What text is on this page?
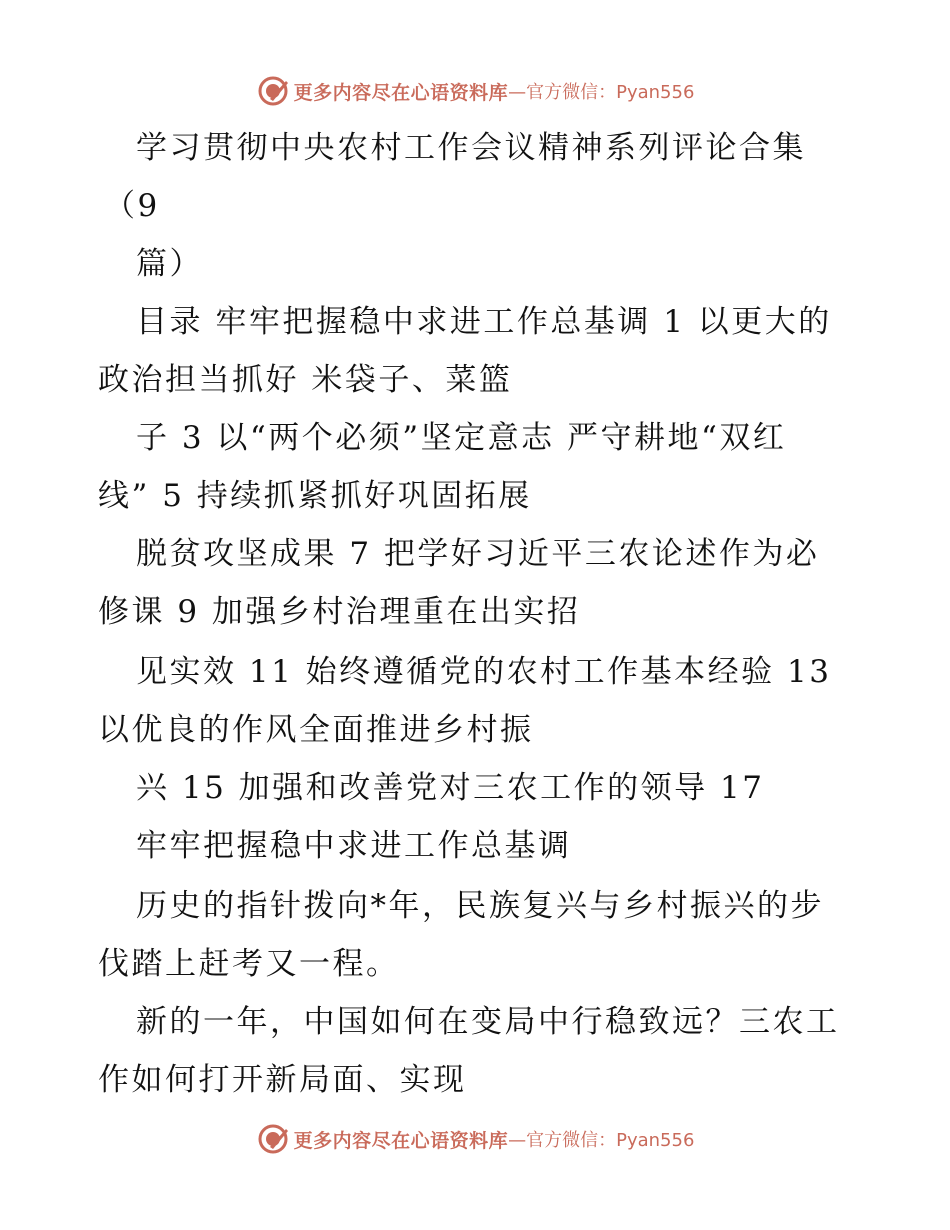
更多内容尽在心语资料库 —官方微信：Pyan556
学习贯彻中央农村工作会议精神系列评论合集
（9
篇）
目录 牢牢把握稳中求进工作总基调 1 以更大的
政治担当抓好 米袋子、菜篮
子 3 以“两个必须”坚定意志 严守耕地“双红
线” 5 持续抓紧抓好巩固拓展
脱贫攻坚成果 7 把学好习近平三农论述作为必
修课 9 加强乡村治理重在出实招
见实效 11 始终遵循党的农村工作基本经验 13
以优良的作风全面推进乡村振
兴 15 加强和改善党对三农工作的领导 17
牢牢把握稳中求进工作总基调
历史的指针拨向*年，民族复兴与乡村振兴的步
伐踏上赶考又一程。
新的一年，中国如何在变局中行稳致远？三农工
作如何打开新局面、实现
更多内容尽在心语资料库 —官方微信：Pyan556
